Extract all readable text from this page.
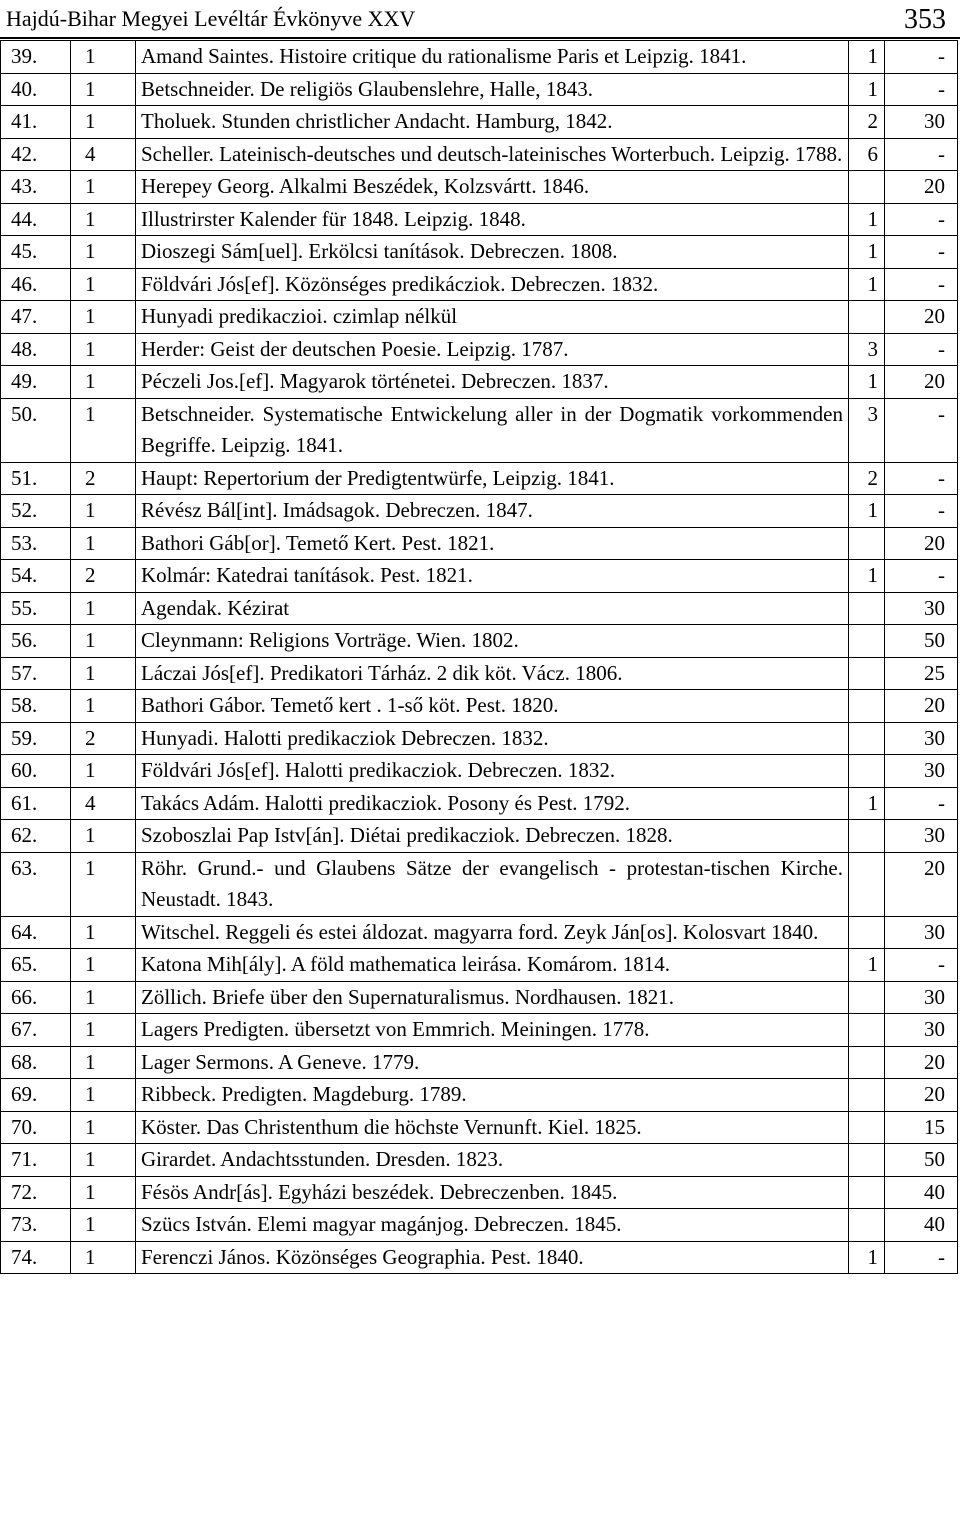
Hajdú-Bihar Megyei Levéltár Évkönyve XXV	353
39.	1	Amand Saintes. Histoire critique du rationalisme Paris et Leipzig. 1841.	1	-
40.	1	Betschneider. De religiös Glaubenslehre, Halle, 1843.	1	-
41.	1	Tholuek. Stunden christlicher Andacht. Hamburg, 1842.	2	30
42.	4	Scheller. Lateinisch-deutsches und deutsch-lateinisches Worterbuch. Leipzig. 1788.	6	-
43.	1	Herepey Georg. Alkalmi Beszédek, Kolzsvártt. 1846.		20
44.	1	Illustrirster Kalender für 1848. Leipzig. 1848.	1	-
45.	1	Dioszegi Sám[uel]. Erkölcsi tanítások. Debreczen. 1808.	1	-
46.	1	Földvári Jós[ef]. Közönséges predikácziok. Debreczen. 1832.	1	-
47.	1	Hunyadi predikaczioi. czimlap nélkül		20
48.	1	Herder: Geist der deutschen Poesie. Leipzig. 1787.	3	-
49.	1	Péczeli Jos.[ef]. Magyarok történetei. Debreczen. 1837.	1	20
50.	1	Betschneider. Systematische Entwickelung aller in der Dogmatik vorkommenden Begriffe. Leipzig. 1841.	3	-
51.	2	Haupt: Repertorium der Predigtentwürfe, Leipzig. 1841.	2	-
52.	1	Révész Bál[int]. Imádsagok. Debreczen. 1847.	1	-
53.	1	Bathori Gáb[or]. Temető Kert. Pest. 1821.		20
54.	2	Kolmár: Katedrai tanítások. Pest. 1821.	1	-
55.	1	Agendak. Kézirat		30
56.	1	Cleynmann: Religions Vorträge. Wien. 1802.		50
57.	1	Láczai Jós[ef]. Predikatori Tárház. 2 dik köt. Vácz. 1806.		25
58.	1	Bathori Gábor. Temető kert . 1-ső köt. Pest. 1820.		20
59.	2	Hunyadi. Halotti predikacziok Debreczen. 1832.		30
60.	1	Földvári Jós[ef]. Halotti predikacziok. Debreczen. 1832.		30
61.	4	Takács Adám. Halotti predikacziok. Posony és Pest. 1792.	1	-
62.	1	Szoboszlai Pap Istv[án]. Diétai predikacziok. Debreczen. 1828.		30
63.	1	Röhr. Grund.- und Glaubens Sätze der evangelisch - protestan-tischen Kirche. Neustadt. 1843.		20
64.	1	Witschel. Reggeli és estei áldozat. magyarra ford. Zeyk Ján[os]. Kolosvart 1840.		30
65.	1	Katona Mih[ály]. A föld mathematica leirása. Komárom. 1814.	1	-
66.	1	Zöllich. Briefe über den Supernaturalismus. Nordhausen. 1821.		30
67.	1	Lagers Predigten. übersetzt von Emmrich. Meiningen. 1778.		30
68.	1	Lager Sermons. A Geneve. 1779.		20
69.	1	Ribbeck. Predigten. Magdeburg. 1789.		20
70.	1	Köster. Das Christenthum die höchste Vernunft. Kiel. 1825.		15
71.	1	Girardet. Andachtsstunden. Dresden. 1823.		50
72.	1	Fésös Andr[ás]. Egyházi beszédek. Debreczenben. 1845.		40
73.	1	Szücs István. Elemi magyar magánjog. Debreczen. 1845.		40
74.	1	Ferenczi János. Közönséges Geographia. Pest. 1840.	1	-
